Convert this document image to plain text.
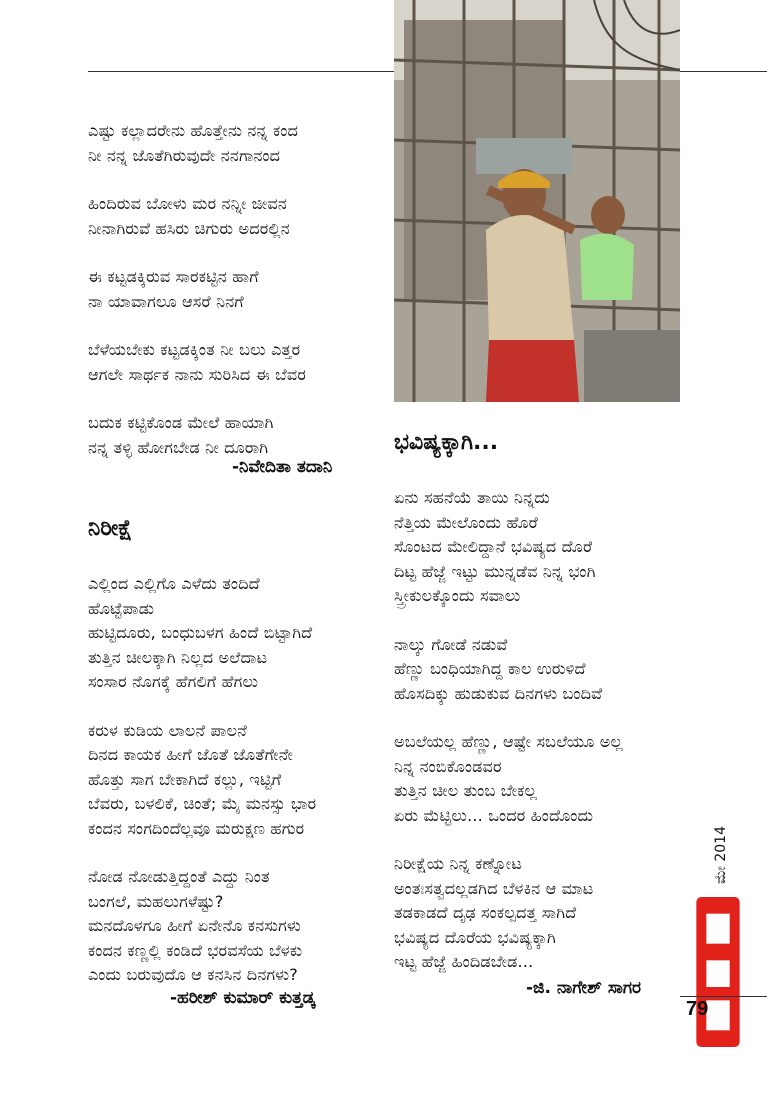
ಎಷ್ಟು ಕಲ್ಲಾದರೇನು ಹೊತ್ತೇನು ನನ್ನ ಕಂದ
ನೀ ನನ್ನ ಜೊತೆಗಿರುವುದೇ ನನಗಾನಂದ
ಹಿಂದಿರುವ ಬೋಳು ಮರ ನನ್ನೀ ಜೀವನ
ನೀನಾಗಿರುವೆ ಹಸಿರು ಚಿಗುರು ಅದರಲ್ಲಿನ
ಈ ಕಟ್ಟಡಕ್ಕಿರುವ ಸಾರಕಟ್ಟಿನ ಹಾಗೆ
ನಾ ಯಾವಾಗಲೂ ಆಸರೆ ನಿನಗೆ
ಬೆಳೆಯಬೇಕು ಕಟ್ಟಡಕ್ಕಿಂತ ನೀ ಬಲು ಎತ್ತರ
ಆಗಲೇ ಸಾರ್ಥಕ ನಾನು ಸುರಿಸಿದ ಈ ಬೆವರ
ಬದುಕ ಕಟ್ಟಿಕೊಂಡ ಮೇಲೆ ಹಾಯಾಗಿ
ನನ್ನ ತಳ್ಳಿ ಹೋಗಬೇಡ ನೀ ದೂರಾಗಿ
-ನಿವೇದಿತಾ ತದಾನಿ
ನಿರೀಕ್ಷೆ
ಎಲ್ಲಿಂದ ಎಲ್ಲಿಗೊ ಎಳೆದು ತಂದಿದೆ
ಹೊಟ್ಟೆಪಾಡು
ಹುಟ್ಟಿದೂರು, ಬಂಧುಬಳಗ ಹಿಂದೆ ಬಿಟ್ಟಾಗಿದೆ
ತುತ್ತಿನ ಚೀಲಕ್ಕಾಗಿ ನಿಲ್ಲದ ಅಲೆದಾಟ
ಸಂಸಾರ ನೊಗಕ್ಕೆ ಹೆಗಲಿಗೆ ಹೆಗಲು
ಕರುಳ ಕುಡಿಯ ಲಾಲನೆ ಪಾಲನೆ
ದಿನದ ಕಾಯಕ ಹೀಗೆ ಜೊತೆ ಜೊತೆಗೇನೇ
ಹೊತ್ತು ಸಾಗ ಬೇಕಾಗಿದೆ ಕಲ್ಲು, ಇಟ್ಟಿಗೆ
ಬೆವರು, ಬಳಲಿಕೆ, ಚಿಂತೆ; ಮೈ ಮನಸ್ಸು ಭಾರ
ಕಂದನ ಸಂಗದಿಂದೆಲ್ಲವೂ ಮರುಕ್ಷಣ ಹಗುರ
ನೋಡ ನೋಡುತ್ತಿದ್ದಂತೆ ಎದ್ದು ನಿಂತ
ಬಂಗಲೆ, ಮಹಲುಗಳೆಷ್ಟು?
ಮನದೊಳಗೂ ಹೀಗೆ ಏನೇನೊ ಕನಸುಗಳು
ಕಂದನ ಕಣ್ಣಲ್ಲಿ ಕಂಡಿದೆ ಭರವಸೆಯ ಬೆಳಕು
ಎಂದು ಬರುವುದೊ ಆ ಕನಸಿನ ದಿನಗಳು?
-ಹರೀಶ್ ಕುಮಾರ್ ಕುತ್ತಡ್ಕ
ಭವಿಷ್ಯಕ್ಕಾಗಿ...
ಏನು ಸಹನೆಯೆ ತಾಯಿ ನಿನ್ನದು
ನೆತ್ತಿಯ ಮೇಲೊಂದು ಹೊರೆ
ಸೊಂಟದ ಮೇಲಿದ್ದಾನೆ ಭವಿಷ್ಯದ ದೊರೆ
ದಿಟ್ಟ ಹೆಜ್ಜೆ ಇಟ್ಟು ಮುನ್ನಡೆವ ನಿನ್ನ ಭಂಗಿ
ಸ್ತ್ರೀಕುಲಕ್ಕೊಂದು ಸವಾಲು
ನಾಲ್ಕು ಗೋಡೆ ನಡುವೆ
ಹೆಣ್ಣು ಬಂಧಿಯಾಗಿದ್ದ ಕಾಲ ಉರುಳಿದೆ
ಹೊಸದಿಕ್ಕು ಹುಡುಕುವ ದಿನಗಳು ಬಂದಿವೆ
ಅಬಲೆಯಲ್ಲ ಹೆಣ್ಣು, ಆಷ್ಟೇ ಸಬಲೆಯೂ ಅಲ್ಲ
ನಿನ್ನ ನಂಬಿಕೊಂಡವರ
ತುತ್ತಿನ ಚೀಲ ತುಂಬ ಬೇಕಲ್ಲ
ಏರು ಮೆಟ್ಟಿಲು... ಒಂದರ ಹಿಂದೊಂದು
ನಿರೀಕ್ಷೆಯ ನಿನ್ನ ಕಣ್ನೋಟ
ಅಂತಃಸತ್ವದಲ್ಲಡಗಿದ ಬೆಳಕಿನ ಆ ಮಾಟ
ತಡಕಾಡದೆ ದೃಢ ಸಂಕಲ್ಪದತ್ತ ಸಾಗಿದೆ
ಭವಿಷ್ಯದ ದೊರೆಯ ಭವಿಷ್ಯಕ್ಕಾಗಿ
ಇಟ್ಟ ಹೆಜ್ಜೆ ಹಿಂದಿಡಬೇಡ...
-ಜಿ. ನಾಗೇಶ್ ಸಾಗರ
ಮೇ 2014
79
